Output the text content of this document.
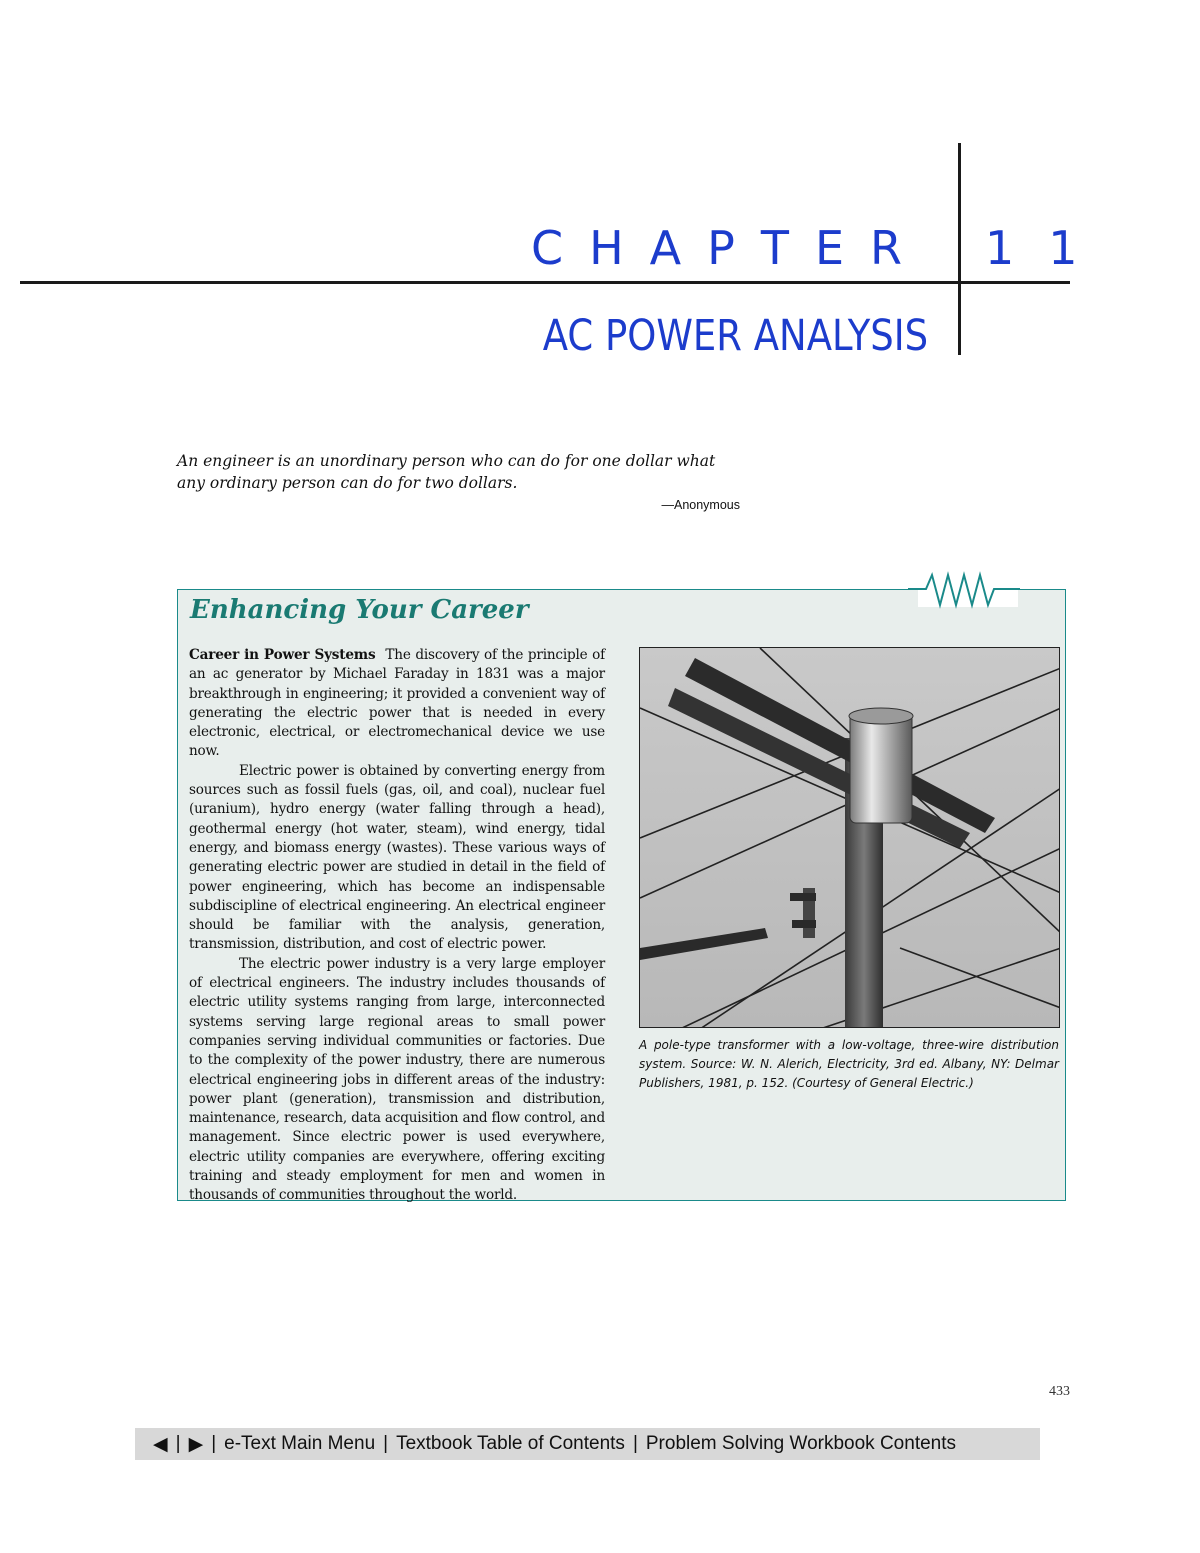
CHAPTER 11
AC POWER ANALYSIS
An engineer is an unordinary person who can do for one dollar what any ordinary person can do for two dollars.
—Anonymous
Enhancing Your Career

Career in Power Systems The discovery of the principle of an ac generator by Michael Faraday in 1831 was a major breakthrough in engineering; it provided a convenient way of generating the electric power that is needed in every electronic, electrical, or electromechanical device we use now.

Electric power is obtained by converting energy from sources such as fossil fuels (gas, oil, and coal), nuclear fuel (uranium), hydro energy (water falling through a head), geothermal energy (hot water, steam), wind energy, tidal energy, and biomass energy (wastes). These various ways of generating electric power are studied in detail in the field of power engineering, which has become an indispensable subdiscipline of electrical engineering. An electrical engineer should be familiar with the analysis, generation, transmission, distribution, and cost of electric power.

The electric power industry is a very large employer of electrical engineers. The industry includes thousands of electric utility systems ranging from large, interconnected systems serving large regional areas to small power companies serving individual communities or factories. Due to the complexity of the power industry, there are numerous electrical engineering jobs in different areas of the industry: power plant (generation), transmission and distribution, maintenance, research, data acquisition and flow control, and management. Since electric power is used everywhere, electric utility companies are everywhere, offering exciting training and steady employment for men and women in thousands of communities throughout the world.

A pole-type transformer with a low-voltage, three-wire distribution system. Source: W. N. Alerich, Electricity, 3rd ed. Albany, NY: Delmar Publishers, 1981, p. 152. (Courtesy of General Electric.)
433
◀ | ▶ | e-Text Main Menu | Textbook Table of Contents | Problem Solving Workbook Contents
